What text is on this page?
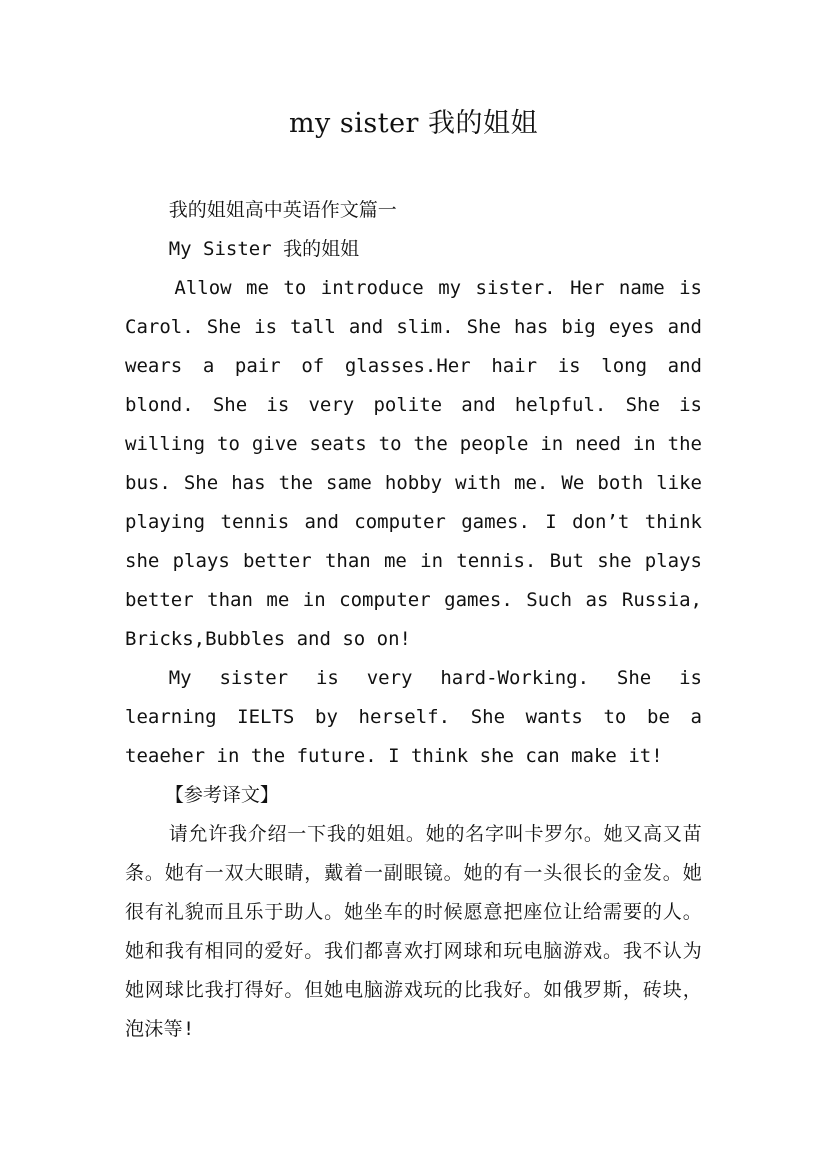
my sister 我的姐姐

我的姐姐高中英语作文篇一

My Sister 我的姐姐

Allow me to introduce my sister. Her name is Carol. She is tall and slim. She has big eyes and wears a pair of glasses.Her hair is long and blond. She is very polite and helpful. She is willing to give seats to the people in need in the bus. She has the same hobby with me. We both like playing tennis and computer games. I don’t think she plays better than me in tennis. But she plays better than me in computer games. Such as Russia, Bricks,Bubbles and so on!

My sister is very hard-Working. She is learning IELTS by herself. She wants to be a teaeher in the future. I think she can make it!

【参考译文】

请允许我介绍一下我的姐姐。她的名字叫卡罗尔。她又高又苗条。她有一双大眼睛，戴着一副眼镜。她的有一头很长的金发。她很有礼貌而且乐于助人。她坐车的时候愿意把座位让给需要的人。她和我有相同的爱好。我们都喜欢打网球和玩电脑游戏。我不认为她网球比我打得好。但她电脑游戏玩的比我好。如俄罗斯，砖块，泡沫等!
